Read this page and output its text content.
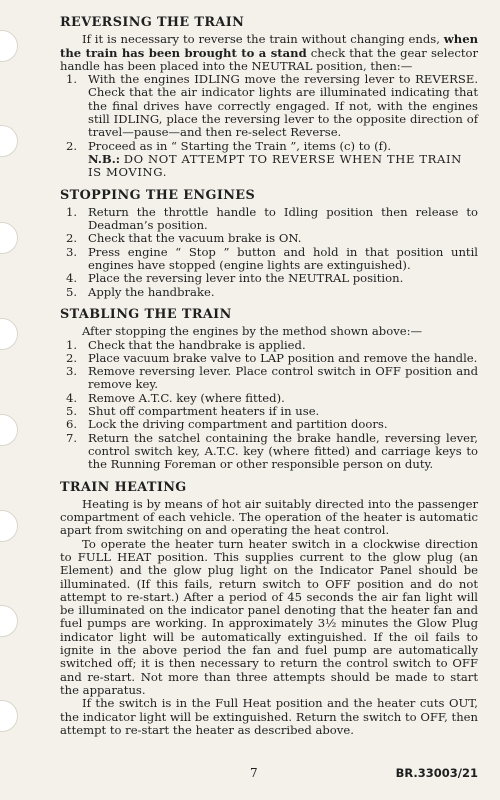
REVERSING THE TRAIN

If it is necessary to reverse the train without changing ends, when the train has been brought to a stand check that the gear selector handle has been placed into the NEUTRAL position, then:—

1. With the engines IDLING move the reversing lever to REVERSE. Check that the air indicator lights are illuminated indicating that the final drives have correctly engaged. If not, with the engines still IDLING, place the reversing lever to the opposite direction of travel—pause—and then re-select Reverse.
2. Proceed as in “ Starting the Train ”, items (c) to (f).
N.B.: DO NOT ATTEMPT TO REVERSE WHEN THE TRAIN IS MOVING.
STOPPING THE ENGINES
1. Return the throttle handle to Idling position then release to Deadman’s position.
2. Check that the vacuum brake is ON.
3. Press engine “ Stop ” button and hold in that position until engines have stopped (engine lights are extinguished).
4. Place the reversing lever into the NEUTRAL position.
5. Apply the handbrake.
STABLING THE TRAIN

After stopping the engines by the method shown above:—

1. Check that the handbrake is applied.
2. Place vacuum brake valve to LAP position and remove the handle.
3. Remove reversing lever. Place control switch in OFF position and remove key.
4. Remove A.T.C. key (where fitted).
5. Shut off compartment heaters if in use.
6. Lock the driving compartment and partition doors.
7. Return the satchel containing the brake handle, reversing lever, control switch key, A.T.C. key (where fitted) and carriage keys to the Running Foreman or other responsible person on duty.
TRAIN HEATING

Heating is by means of hot air suitably directed into the passenger compartment of each vehicle. The operation of the heater is automatic apart from switching on and operating the heat control.

To operate the heater turn heater switch in a clockwise direction to FULL HEAT position. This supplies current to the glow plug (an Element) and the glow plug light on the Indicator Panel should be illuminated. (If this fails, return switch to OFF position and do not attempt to re-start.) After a period of 45 seconds the air fan light will be illuminated on the indicator panel denoting that the heater fan and fuel pumps are working. In approximately 3½ minutes the Glow Plug indicator light will be automatically extinguished. If the oil fails to ignite in the above period the fan and fuel pump are automatically switched off; it is then necessary to return the control switch to OFF and re-start. Not more than three attempts should be made to start the apparatus.

If the switch is in the Full Heat position and the heater cuts OUT, the indicator light will be extinguished. Return the switch to OFF, then attempt to re-start the heater as described above.

7	BR.33003/21
